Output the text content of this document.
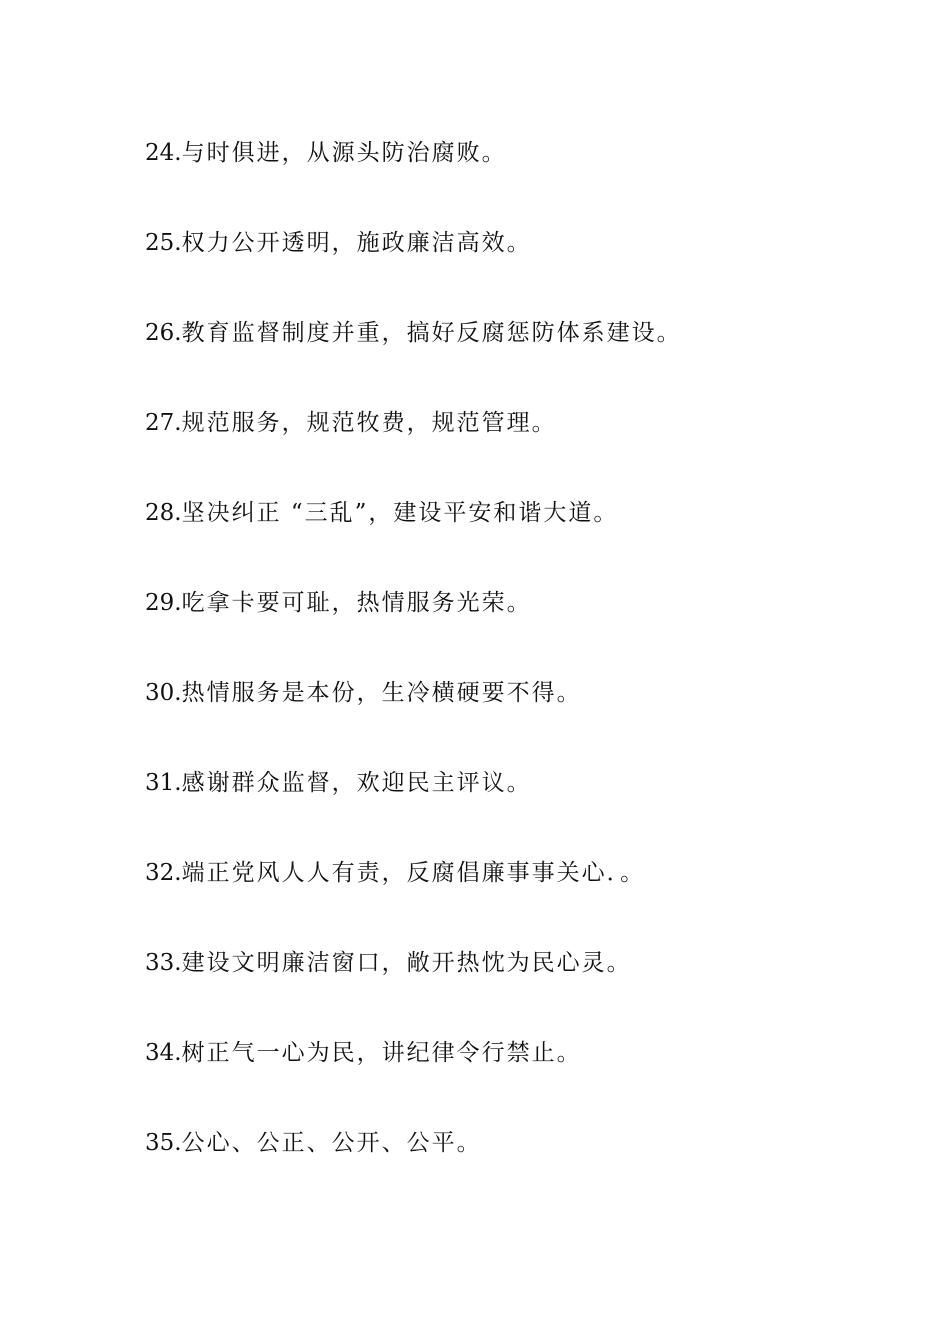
24.与时俱进，从源头防治腐败。
25.权力公开透明，施政廉洁高效。
26.教育监督制度并重，搞好反腐惩防体系建设。
27.规范服务，规范牧费，规范管理。
28.坚决纠正 “三乱”，建设平安和谐大道。
29.吃拿卡要可耻，热情服务光荣。
30.热情服务是本份，生冷横硬要不得。
31.感谢群众监督，欢迎民主评议。
32.端正党风人人有责，反腐倡廉事事关心．。
33.建设文明廉洁窗口，敞开热忱为民心灵。
34.树正气一心为民，讲纪律令行禁止。
35.公心、公正、公开、公平。
